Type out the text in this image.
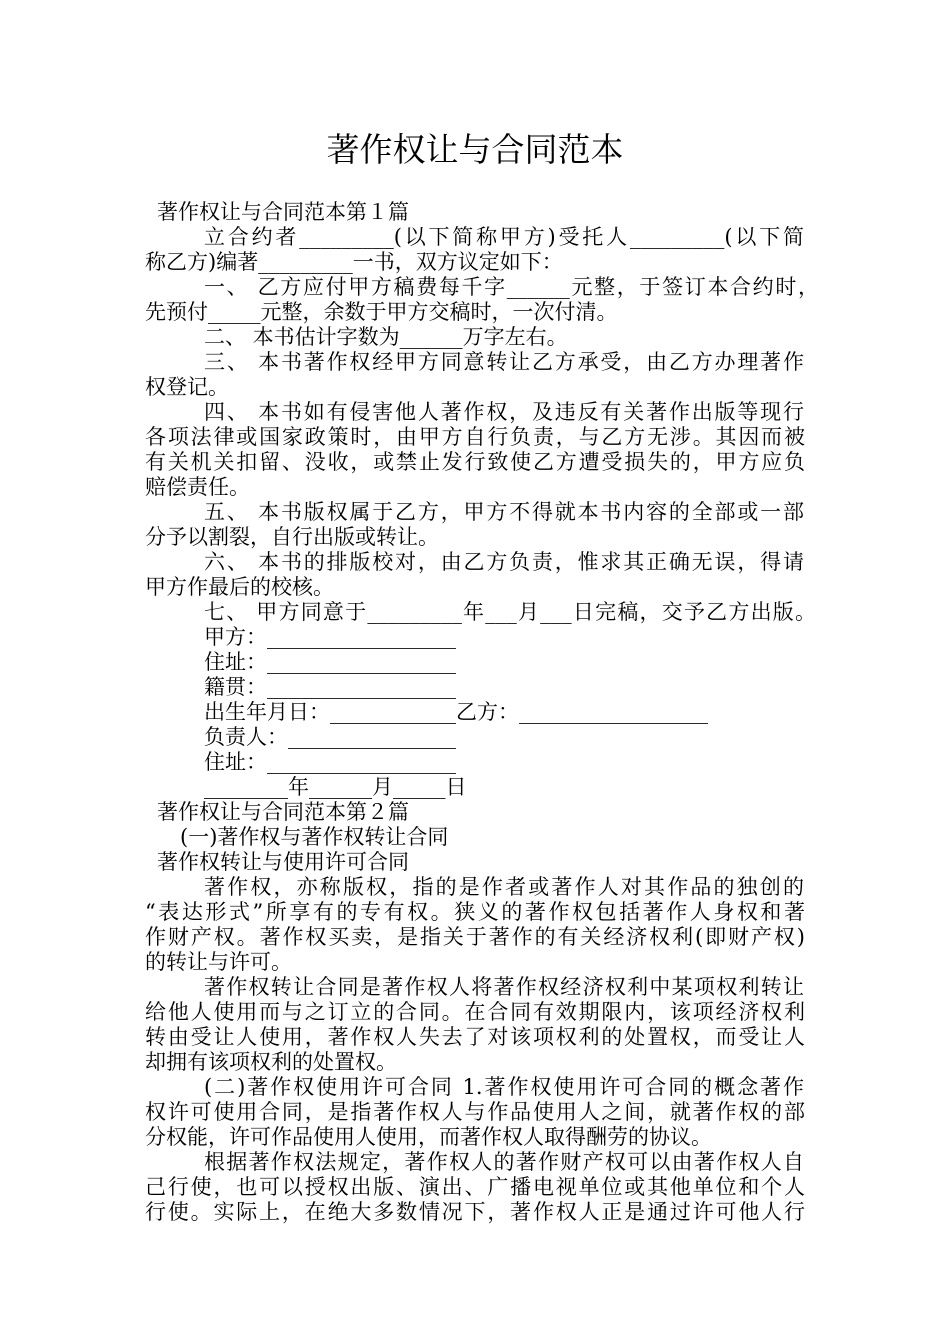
著作权让与合同范本
著作权让与合同范本第１篇
立合约者_________(以下简称甲方)受托人_________(以下简
称乙方)编著_________一书，双方议定如下：
一、 乙方应付甲方稿费每千字______元整，于签订本合约时，
先预付_____元整，余数于甲方交稿时，一次付清。
二、 本书估计字数为______万字左右。
三、 本书著作权经甲方同意转让乙方承受，由乙方办理著作
权登记。
四、 本书如有侵害他人著作权，及违反有关著作出版等现行
各项法律或国家政策时，由甲方自行负责，与乙方无涉。其因而被
有关机关扣留、没收，或禁止发行致使乙方遭受损失的，甲方应负
赔偿责任。
五、 本书版权属于乙方，甲方不得就本书内容的全部或一部
分予以割裂，自行出版或转让。
六、 本书的排版校对，由乙方负责，惟求其正确无误，得请
甲方作最后的校核。
七、 甲方同意于_________年___月___日完稿，交予乙方出版。
甲方：__________________
住址：__________________
籍贯：__________________
出生年月日：____________乙方：__________________
负责人：________________
住址：__________________
________年______月_____日
著作权让与合同范本第２篇
(一)著作权与著作权转让合同
著作权转让与使用许可合同
著作权，亦称版权，指的是作者或著作人对其作品的独创的
“表达形式”所享有的专有权。狭义的著作权包括著作人身权和著
作财产权。著作权买卖，是指关于著作的有关经济权利(即财产权)
的转让与许可。
著作权转让合同是著作权人将著作权经济权利中某项权利转让
给他人使用而与之订立的合同。在合同有效期限内，该项经济权利
转由受让人使用，著作权人失去了对该项权利的处置权，而受让人
却拥有该项权利的处置权。
(二)著作权使用许可合同 1.著作权使用许可合同的概念著作
权许可使用合同，是指著作权人与作品使用人之间，就著作权的部
分权能，许可作品使用人使用，而著作权人取得酬劳的协议。
根据著作权法规定，著作权人的著作财产权可以由著作权人自
己行使，也可以授权出版、演出、广播电视单位或其他单位和个人
行使。实际上，在绝大多数情况下，著作权人正是通过许可他人行
